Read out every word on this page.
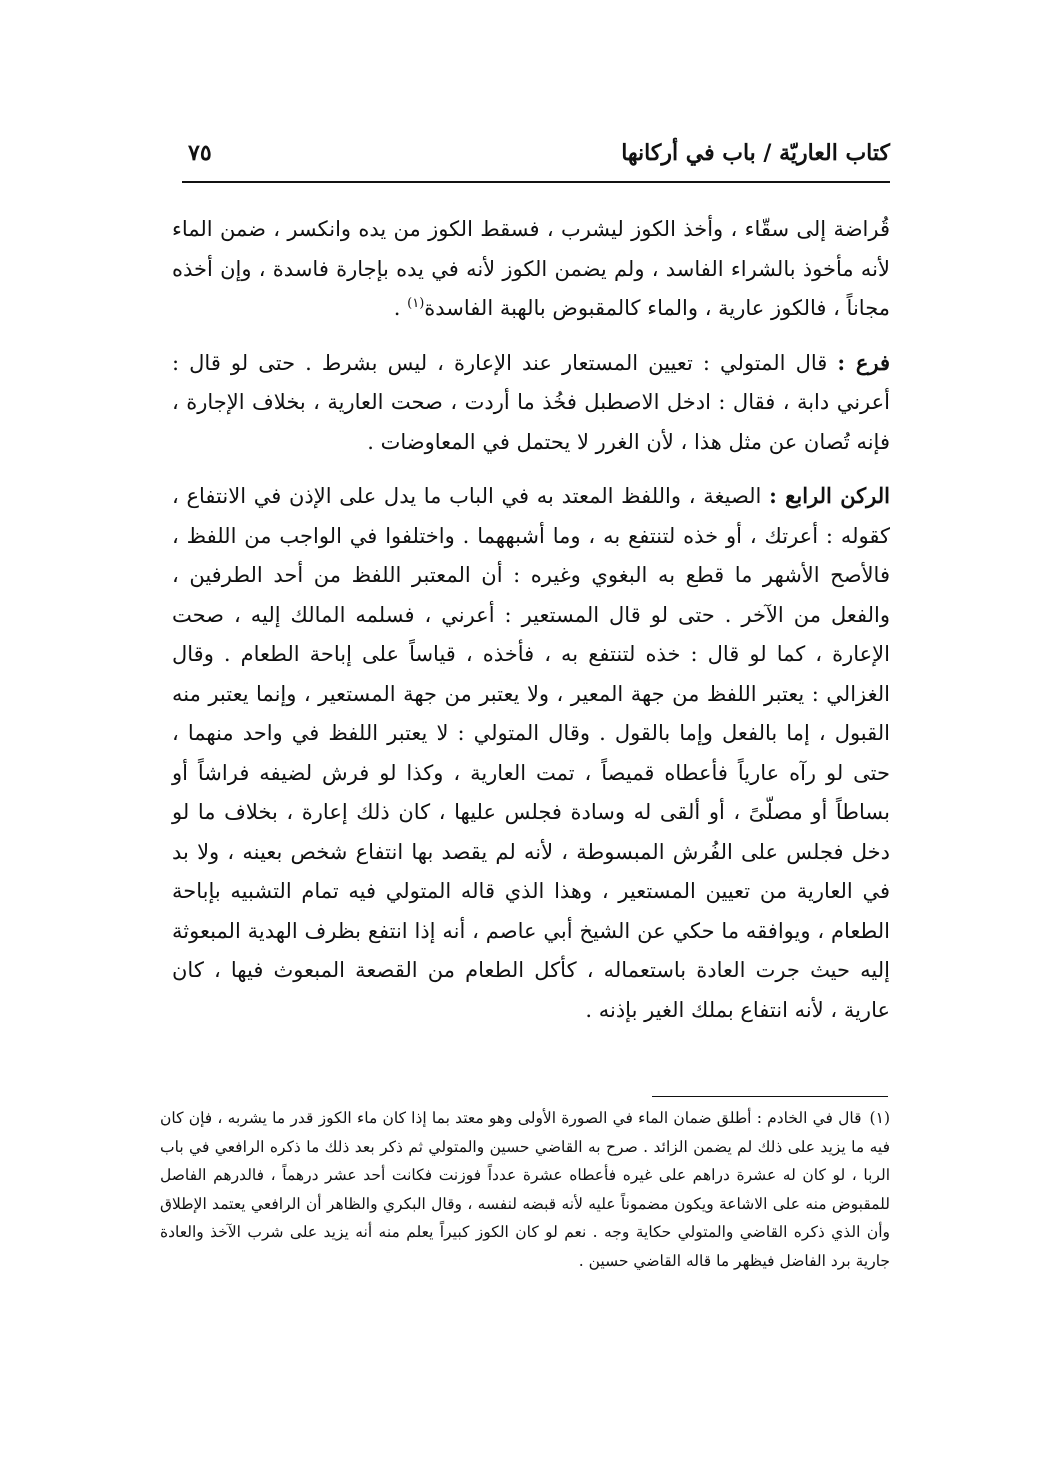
كتاب العاريّة / باب في أركانها
٧٥

قُراضة إلى سقّاء ، وأخذ الكوز ليشرب ، فسقط الكوز من يده وانكسر ، ضمن الماء لأنه مأخوذ بالشراء الفاسد ، ولم يضمن الكوز لأنه في يده بإجارة فاسدة ، وإن أخذه مجاناً ، فالكوز عارية ، والماء كالمقبوض بالهبة الفاسدة$^{(١)}$ .

فرع : قال المتولي : تعيين المستعار عند الإعارة ، ليس بشرط . حتى لو قال : أعرني دابة ، فقال : ادخل الاصطبل فخُذ ما أردت ، صحت العارية ، بخلاف الإجارة ، فإنه تُصان عن مثل هذا ، لأن الغرر لا يحتمل في المعاوضات .

الركن الرابع : الصيغة ، واللفظ المعتد به في الباب ما يدل على الإذن في الانتفاع ، كقوله : أعرتك ، أو خذه لتنتفع به ، وما أشبههما . واختلفوا في الواجب من اللفظ ، فالأصح الأشهر ما قطع به البغوي وغيره : أن المعتبر اللفظ من أحد الطرفين ، والفعل من الآخر . حتى لو قال المستعير : أعرني ، فسلمه المالك إليه ، صحت الإعارة ، كما لو قال : خذه لتنتفع به ، فأخذه ، قياساً على إباحة الطعام . وقال الغزالي : يعتبر اللفظ من جهة المعير ، ولا يعتبر من جهة المستعير ، وإنما يعتبر منه القبول ، إما بالفعل وإما بالقول . وقال المتولي : لا يعتبر اللفظ في واحد منهما ، حتى لو رآه عارياً فأعطاه قميصاً ، تمت العارية ، وكذا لو فرش لضيفه فراشاً أو بساطاً أو مصلّىً ، أو ألقى له وسادة فجلس عليها ، كان ذلك إعارة ، بخلاف ما لو دخل فجلس على الفُرش المبسوطة ، لأنه لم يقصد بها انتفاع شخص بعينه ، ولا بد في العارية من تعيين المستعير ، وهذا الذي قاله المتولي فيه تمام التشبيه بإباحة الطعام ، ويوافقه ما حكي عن الشيخ أبي عاصم ، أنه إذا انتفع بظرف الهدية المبعوثة إليه حيث جرت العادة باستعماله ، كأكل الطعام من القصعة المبعوث فيها ، كان عارية ، لأنه انتفاع بملك الغير بإذنه .

(١)قال في الخادم : أطلق ضمان الماء في الصورة الأولى وهو معتد بما إذا كان ماء الكوز قدر ما يشربه ، فإن كان فيه ما يزيد على ذلك لم يضمن الزائد . صرح به القاضي حسين والمتولي ثم ذكر بعد ذلك ما ذكره الرافعي في باب الربا ، لو كان له عشرة دراهم على غيره فأعطاه عشرة عدداً فوزنت فكانت أحد عشر درهماً ، فالدرهم الفاصل للمقبوض منه على الاشاعة ويكون مضموناً عليه لأنه قبضه لنفسه ، وقال البكري والظاهر أن الرافعي يعتمد الإطلاق وأن الذي ذكره القاضي والمتولي حكاية وجه . نعم لو كان الكوز كبيراً يعلم منه أنه يزيد على شرب الآخذ والعادة جارية برد الفاضل فيظهر ما قاله القاضي حسين .
